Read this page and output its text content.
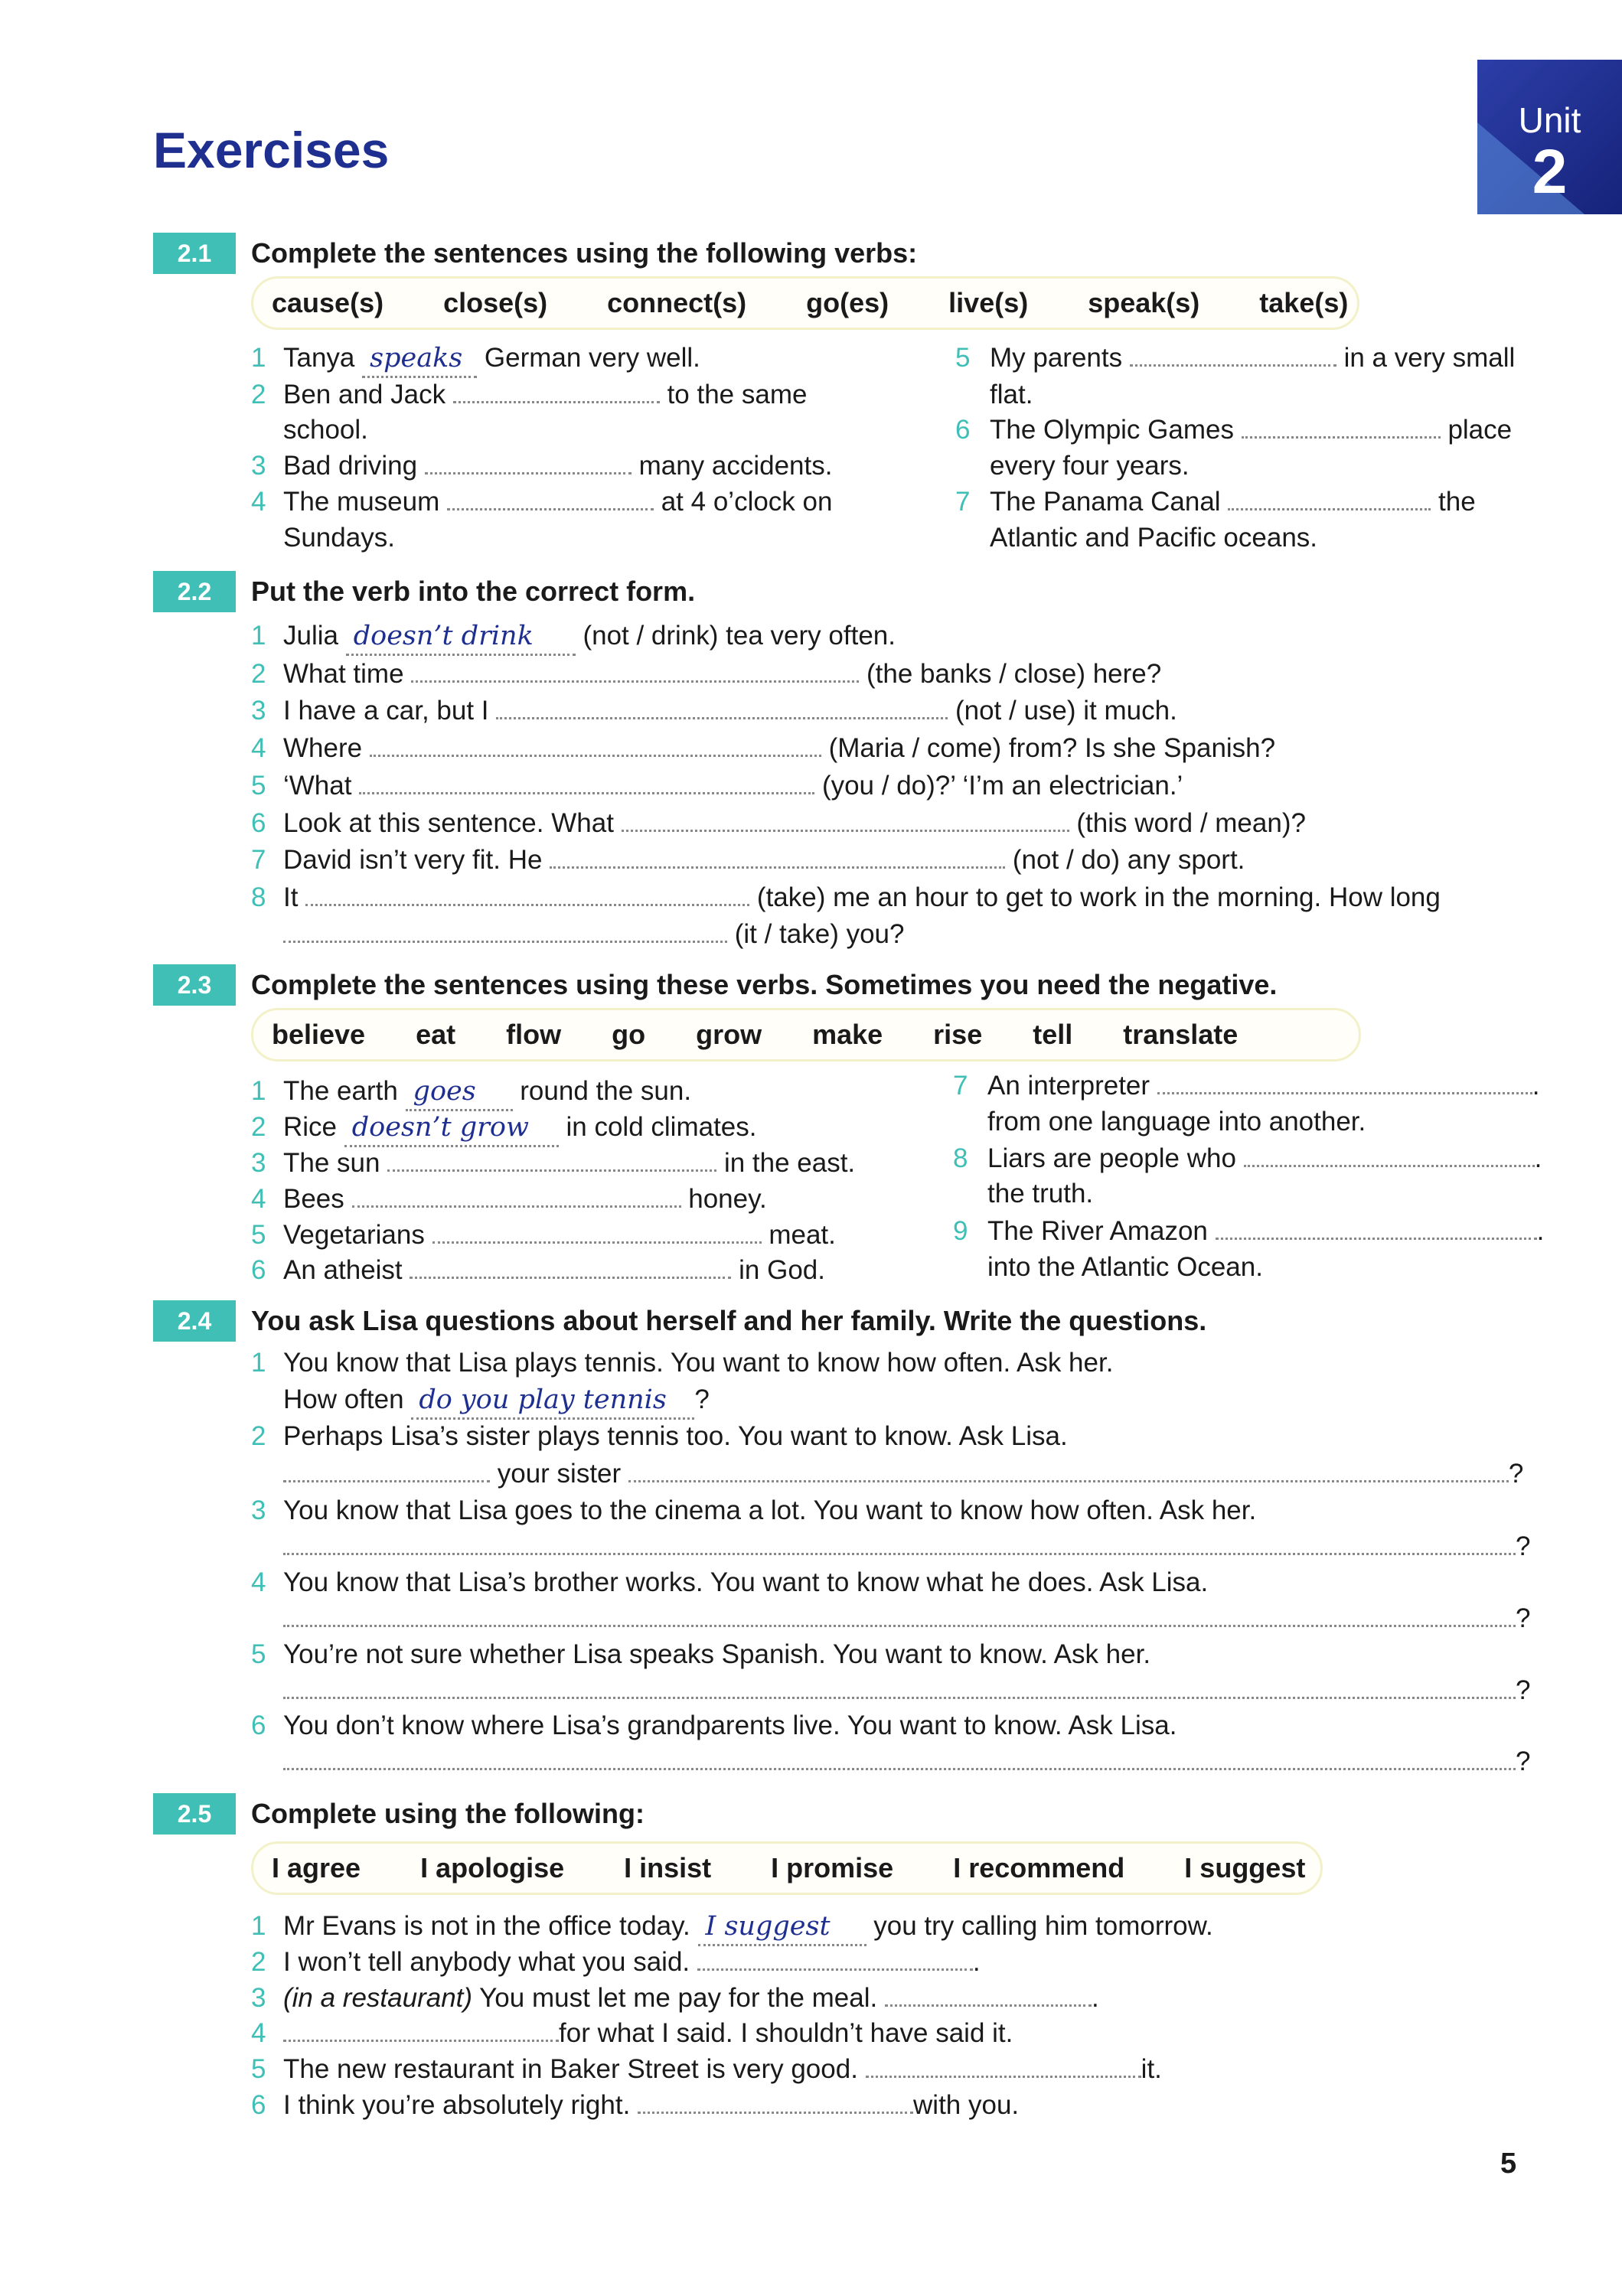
Exercises
Unit
2
2.1	Complete the sentences using the following verbs:
cause(s) close(s) connect(s) go(es) live(s) speak(s) take(s)
1 Tanya speaks German very well.
2 Ben and Jack	to the same
school.
3 Bad driving	many accidents.
4 The museum	at 4 o’clock on
Sundays.
5 My parents	in a very small
flat.
6 The Olympic Games	place
every four years.
7 The Panama Canal	the
Atlantic and Pacific oceans.
2.2	Put the verb into the correct form.
1 Julia doesn’t drink (not / drink) tea very often.
2 What time	(the banks / close) here?
3 I have a car, but I	(not / use) it much.
4 Where	(Maria / come) from? Is she Spanish?
5 ‘What	(you / do)?’ ‘I’m an electrician.’
6 Look at this sentence. What	(this word / mean)?
7 David isn’t very fit. He	(not / do) any sport.
8 It	(take) me an hour to get to work in the morning. How long
(it / take) you?
2.3	Complete the sentences using these verbs. Sometimes you need the negative.
believe eat flow go grow make rise tell translate
1 The earth goes round the sun.
2 Rice doesn’t grow in cold climates.
3 The sun	in the east.
4 Bees	honey.
5 Vegetarians	meat.
6 An atheist	in God.
7 An interpreter	.
from one language into another.
8 Liars are people who	.
the truth.
9 The River Amazon	.
into the Atlantic Ocean.
2.4	You ask Lisa questions about herself and her family. Write the questions.
1 You know that Lisa plays tennis. You want to know how often. Ask her.
How often do you play tennis ?
2 Perhaps Lisa’s sister plays tennis too. You want to know. Ask Lisa.
your sister	?
3 You know that Lisa goes to the cinema a lot. You want to know how often. Ask her.
?
4 You know that Lisa’s brother works. You want to know what he does. Ask Lisa.
?
5 You’re not sure whether Lisa speaks Spanish. You want to know. Ask her.
?
6 You don’t know where Lisa’s grandparents live. You want to know. Ask Lisa.
?
2.5	Complete using the following:
I agree I apologise I insist I promise I recommend I suggest
1 Mr Evans is not in the office today. I suggest you try calling him tomorrow.
2 I won’t tell anybody what you said.	.
3 (in a restaurant) You must let me pay for the meal.	.
4	for what I said. I shouldn’t have said it.
5 The new restaurant in Baker Street is very good.	it.
6 I think you’re absolutely right.	with you.
5
